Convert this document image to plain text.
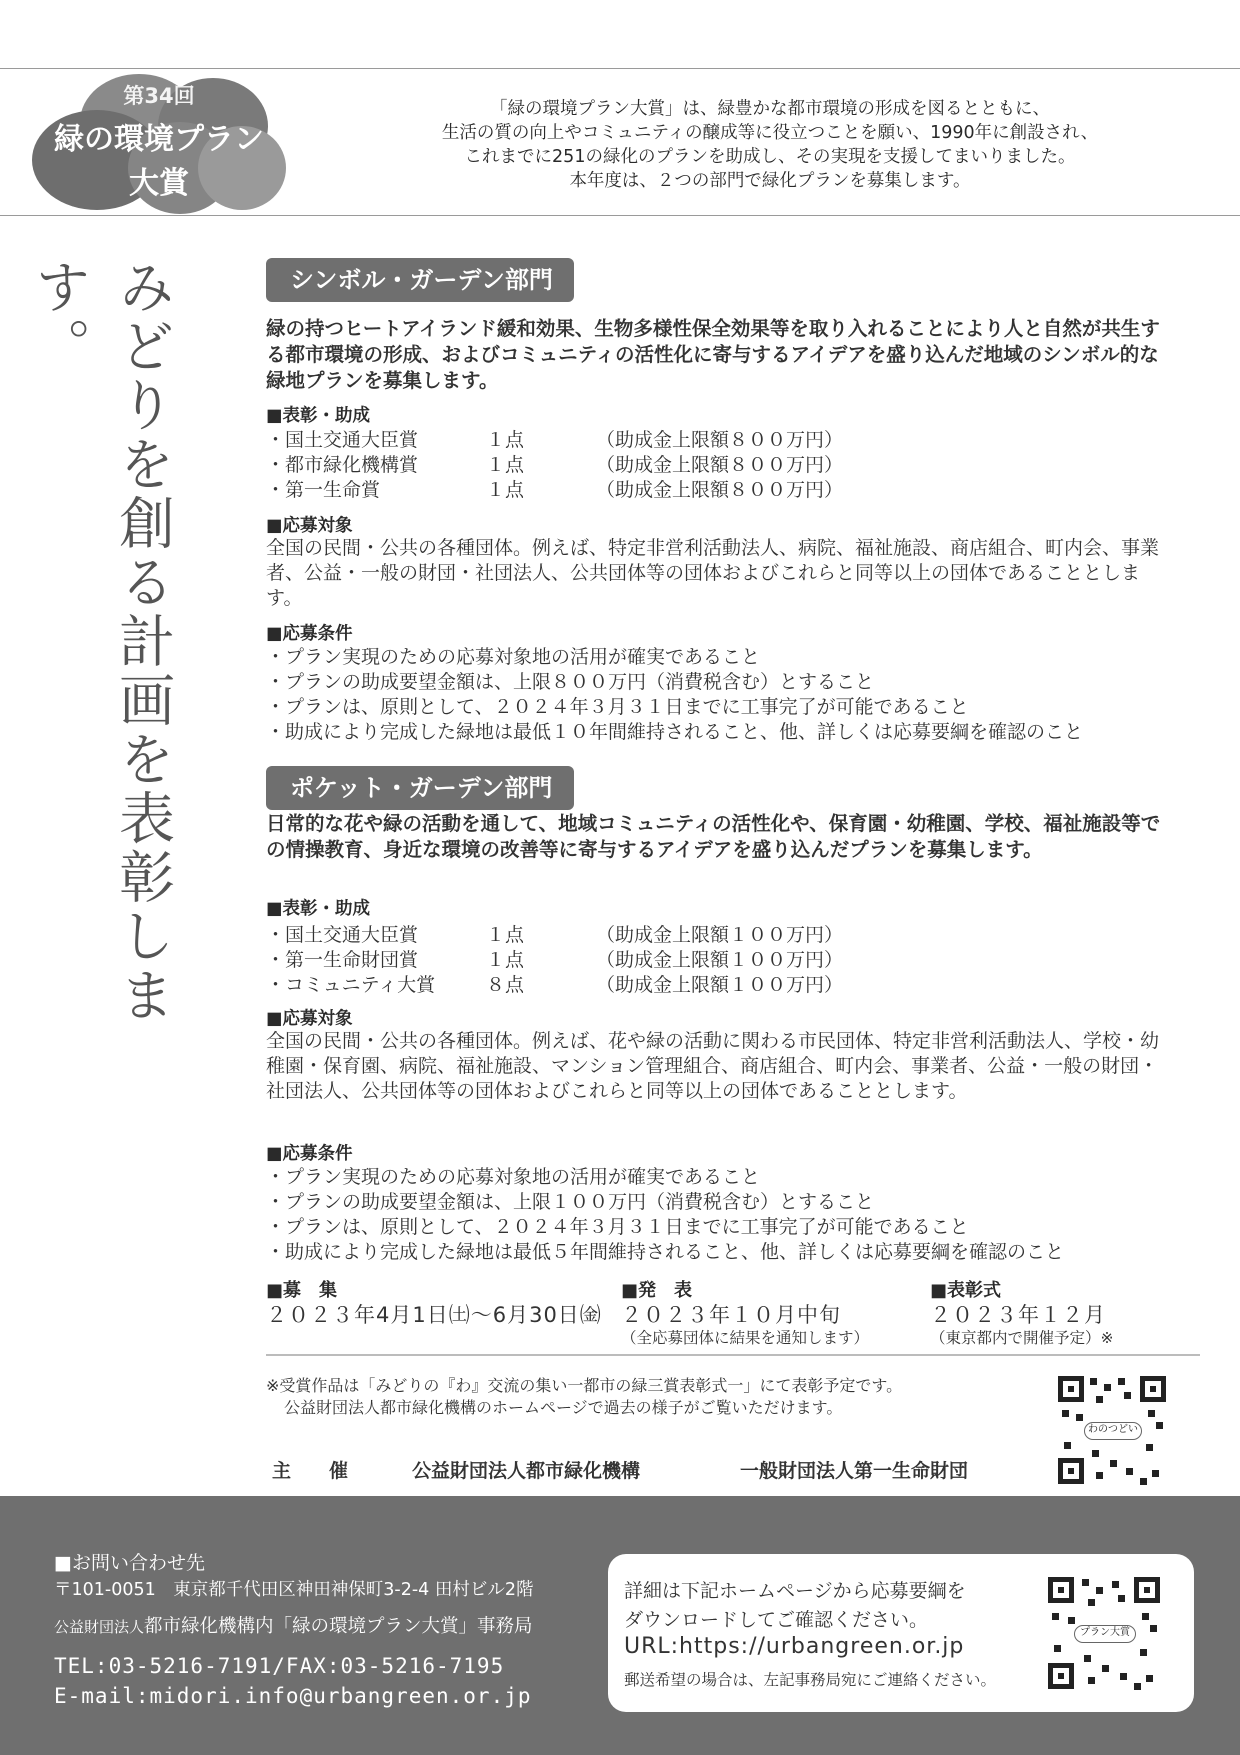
第34回
緑の環境プラン
大賞
「緑の環境プラン大賞」は、緑豊かな都市環境の形成を図るとともに、
生活の質の向上やコミュニティの醸成等に役立つことを願い、1990年に創設され、
これまでに251の緑化のプランを助成し、その実現を支援してまいりました。
本年度は、２つの部門で緑化プランを募集します。
みどりを創る計画を表彰します。	シンボル・ガーデン部門
緑の持つヒートアイランド緩和効果、生物多様性保全効果等を取り入れることにより人と自然が共生する都市環境の形成、およびコミュニティの活性化に寄与するアイデアを盛り込んだ地域のシンボル的な緑地プランを募集します。
■表彰・助成
・国土交通大臣賞	１点	（助成金上限額８００万円）
・都市緑化機構賞	１点	（助成金上限額８００万円）
・第一生命賞	１点	（助成金上限額８００万円）
■応募対象
全国の民間・公共の各種団体。例えば、特定非営利活動法人、病院、福祉施設、商店組合、町内会、事業者、公益・一般の財団・社団法人、公共団体等の団体およびこれらと同等以上の団体であることとします。
■応募条件
・プラン実現のための応募対象地の活用が確実であること
・プランの助成要望金額は、上限８００万円（消費税含む）とすること
・プランは、原則として、２０２４年３月３１日までに工事完了が可能であること
・助成により完成した緑地は最低１０年間維持されること、他、詳しくは応募要綱を確認のこと
ポケット・ガーデン部門
日常的な花や緑の活動を通して、地域コミュニティの活性化や、保育園・幼稚園、学校、福祉施設等での情操教育、身近な環境の改善等に寄与するアイデアを盛り込んだプランを募集します。
■表彰・助成
・国土交通大臣賞	１点	（助成金上限額１００万円）
・第一生命財団賞	１点	（助成金上限額１００万円）
・コミュニティ大賞	８点	（助成金上限額１００万円）
■応募対象
全国の民間・公共の各種団体。例えば、花や緑の活動に関わる市民団体、特定非営利活動法人、学校・幼稚園・保育園、病院、福祉施設、マンション管理組合、商店組合、町内会、事業者、公益・一般の財団・社団法人、公共団体等の団体およびこれらと同等以上の団体であることとします。
■応募条件
・プラン実現のための応募対象地の活用が確実であること
・プランの助成要望金額は、上限１００万円（消費税含む）とすること
・プランは、原則として、２０２４年３月３１日までに工事完了が可能であること
・助成により完成した緑地は最低５年間維持されること、他、詳しくは応募要綱を確認のこと
■募　集
２０２３年4月1日㈯〜6月30日㈮
■発　表
２０２３年１０月中旬
（全応募団体に結果を通知します）
■表彰式
２０２３年１２月
（東京都内で開催予定）※
※受賞作品は「みどりの『わ』交流の集い一都市の緑三賞表彰式一」にて表彰予定です。
公益財団法人都市緑化機構のホームページで過去の様子がご覧いただけます。
わのつどい
主　　催	公益財団法人都市緑化機構	一般財団法人第一生命財団
■お問い合わせ先
〒101-0051　東京都千代田区神田神保町3-2-4 田村ビル2階
公益財団法人都市緑化機構内「緑の環境プラン大賞」事務局
TEL:03-5216-7191/FAX:03-5216-7195
E-mail:midori.info@urbangreen.or.jp
詳細は下記ホームページから応募要綱を
ダウンロードしてご確認ください。
URL:https://urbangreen.or.jp
郵送希望の場合は、左記事務局宛にご連絡ください。
プラン大賞
